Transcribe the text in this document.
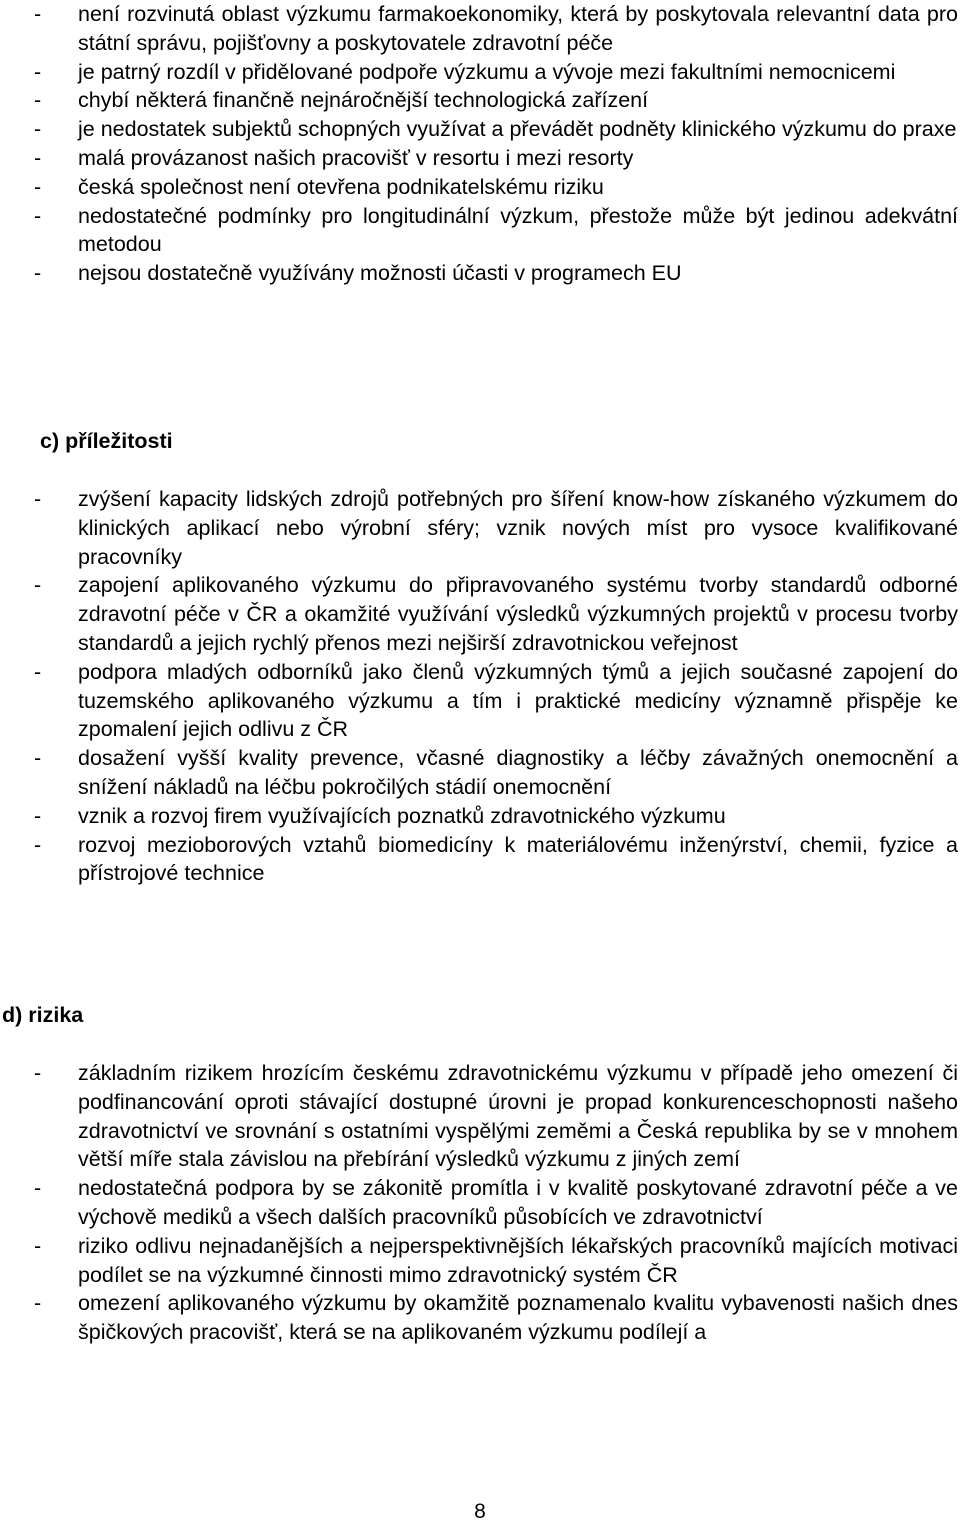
- není rozvinutá oblast výzkumu farmakoekonomiky, která by poskytovala relevantní data pro státní správu, pojišťovny a poskytovatele zdravotní péče
- je patrný rozdíl v přidělované podpoře výzkumu a vývoje mezi fakultními nemocnicemi
- chybí některá finančně nejnáročnější technologická zařízení
- je nedostatek subjektů schopných využívat a převádět podněty klinického výzkumu do praxe
- malá provázanost našich pracovišť v resortu i mezi resorty
- česká společnost není otevřena podnikatelskému riziku
- nedostatečné podmínky pro longitudinální výzkum, přestože může být jedinou adekvátní metodou
- nejsou dostatečně využívány možnosti účasti v programech EU
c) příležitosti
- zvýšení kapacity lidských zdrojů potřebných pro šíření know-how získaného výzkumem do klinických aplikací nebo výrobní sféry; vznik nových míst pro vysoce kvalifikované pracovníky
- zapojení aplikovaného výzkumu do připravovaného systému tvorby standardů odborné zdravotní péče v ČR a okamžité využívání výsledků výzkumných projektů v procesu tvorby standardů a jejich rychlý přenos mezi nejširší zdravotnickou veřejnost
- podpora mladých odborníků jako členů výzkumných týmů a jejich současné zapojení do tuzemského aplikovaného výzkumu a tím i praktické medicíny významně přispěje ke zpomalení jejich odlivu z ČR
- dosažení vyšší kvality prevence, včasné diagnostiky a léčby závažných onemocnění a snížení nákladů na léčbu pokročilých stádií onemocnění
- vznik a rozvoj firem využívajících poznatků zdravotnického výzkumu
- rozvoj mezioborových vztahů biomedicíny k materiálovému inženýrství, chemii, fyzice a přístrojové technice
d) rizika
- základním rizikem hrozícím českému zdravotnickému výzkumu v případě jeho omezení či podfinancování oproti stávající dostupné úrovni je propad konkurenceschopnosti našeho zdravotnictví ve srovnání s ostatními vyspělými zeměmi a Česká republika by se v mnohem větší míře stala závislou na přebírání výsledků výzkumu z jiných zemí
- nedostatečná podpora by se zákonitě promítla i v kvalitě poskytované zdravotní péče a ve výchově mediků a všech dalších pracovníků působících ve zdravotnictví
- riziko odlivu nejnadanějších a nejperspektivnějších lékařských pracovníků majících motivaci podílet se na výzkumné činnosti mimo zdravotnický systém ČR
- omezení aplikovaného výzkumu by okamžitě poznamenalo kvalitu vybavenosti našich dnes špičkových pracovišť, která se na aplikovaném výzkumu podílejí a
8
